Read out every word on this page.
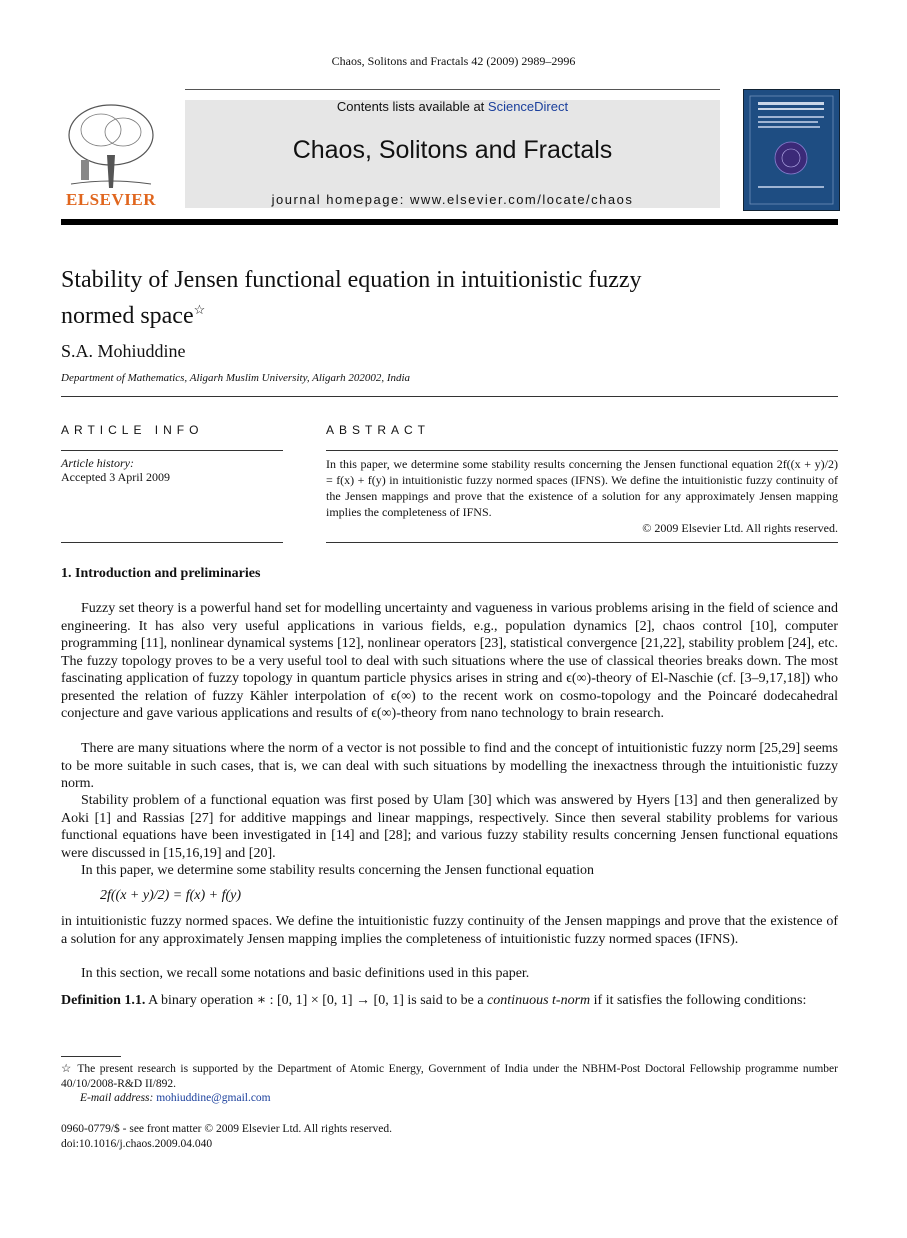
Chaos, Solitons and Fractals 42 (2009) 2989–2996
ELSEVIER
Contents lists available at ScienceDirect
Chaos, Solitons and Fractals
journal homepage: www.elsevier.com/locate/chaos
Stability of Jensen functional equation in intuitionistic fuzzy
normed space☆
S.A. Mohiuddine
Department of Mathematics, Aligarh Muslim University, Aligarh 202002, India
ARTICLE INFO
Article history:
Accepted 3 April 2009
ABSTRACT
In this paper, we determine some stability results concerning the Jensen functional equation 2f((x + y)/2) = f(x) + f(y) in intuitionistic fuzzy normed spaces (IFNS). We define the intuitionistic fuzzy continuity of the Jensen mappings and prove that the existence of a solution for any approximately Jensen mapping implies the completeness of IFNS.
© 2009 Elsevier Ltd. All rights reserved.
1. Introduction and preliminaries
Fuzzy set theory is a powerful hand set for modelling uncertainty and vagueness in various problems arising in the field of science and engineering. It has also very useful applications in various fields, e.g., population dynamics [2], chaos control [10], computer programming [11], nonlinear dynamical systems [12], nonlinear operators [23], statistical convergence [21,22], stability problem [24], etc. The fuzzy topology proves to be a very useful tool to deal with such situations where the use of classical theories breaks down. The most fascinating application of fuzzy topology in quantum particle physics arises in string and ϵ(∞)-theory of El-Naschie (cf. [3–9,17,18]) who presented the relation of fuzzy Kähler interpolation of ϵ(∞) to the recent work on cosmo-topology and the Poincaré dodecahedral conjecture and gave various applications and results of ϵ(∞)-theory from nano technology to brain research.
There are many situations where the norm of a vector is not possible to find and the concept of intuitionistic fuzzy norm [25,29] seems to be more suitable in such cases, that is, we can deal with such situations by modelling the inexactness through the intuitionistic fuzzy norm.
Stability problem of a functional equation was first posed by Ulam [30] which was answered by Hyers [13] and then generalized by Aoki [1] and Rassias [27] for additive mappings and linear mappings, respectively. Since then several stability problems for various functional equations have been investigated in [14] and [28]; and various fuzzy stability results concerning Jensen functional equations were discussed in [15,16,19] and [20].
In this paper, we determine some stability results concerning the Jensen functional equation
2f((x + y)/2) = f(x) + f(y)
in intuitionistic fuzzy normed spaces. We define the intuitionistic fuzzy continuity of the Jensen mappings and prove that the existence of a solution for any approximately Jensen mapping implies the completeness of intuitionistic fuzzy normed spaces (IFNS).
In this section, we recall some notations and basic definitions used in this paper.
Definition 1.1. A binary operation ∗ : [0, 1] × [0, 1] → [0, 1] is said to be a continuous t-norm if it satisfies the following conditions:
☆ The present research is supported by the Department of Atomic Energy, Government of India under the NBHM-Post Doctoral Fellowship programme number 40/10/2008-R&D II/892.
E-mail address: mohiuddine@gmail.com
0960-0779/$ - see front matter © 2009 Elsevier Ltd. All rights reserved.
doi:10.1016/j.chaos.2009.04.040
